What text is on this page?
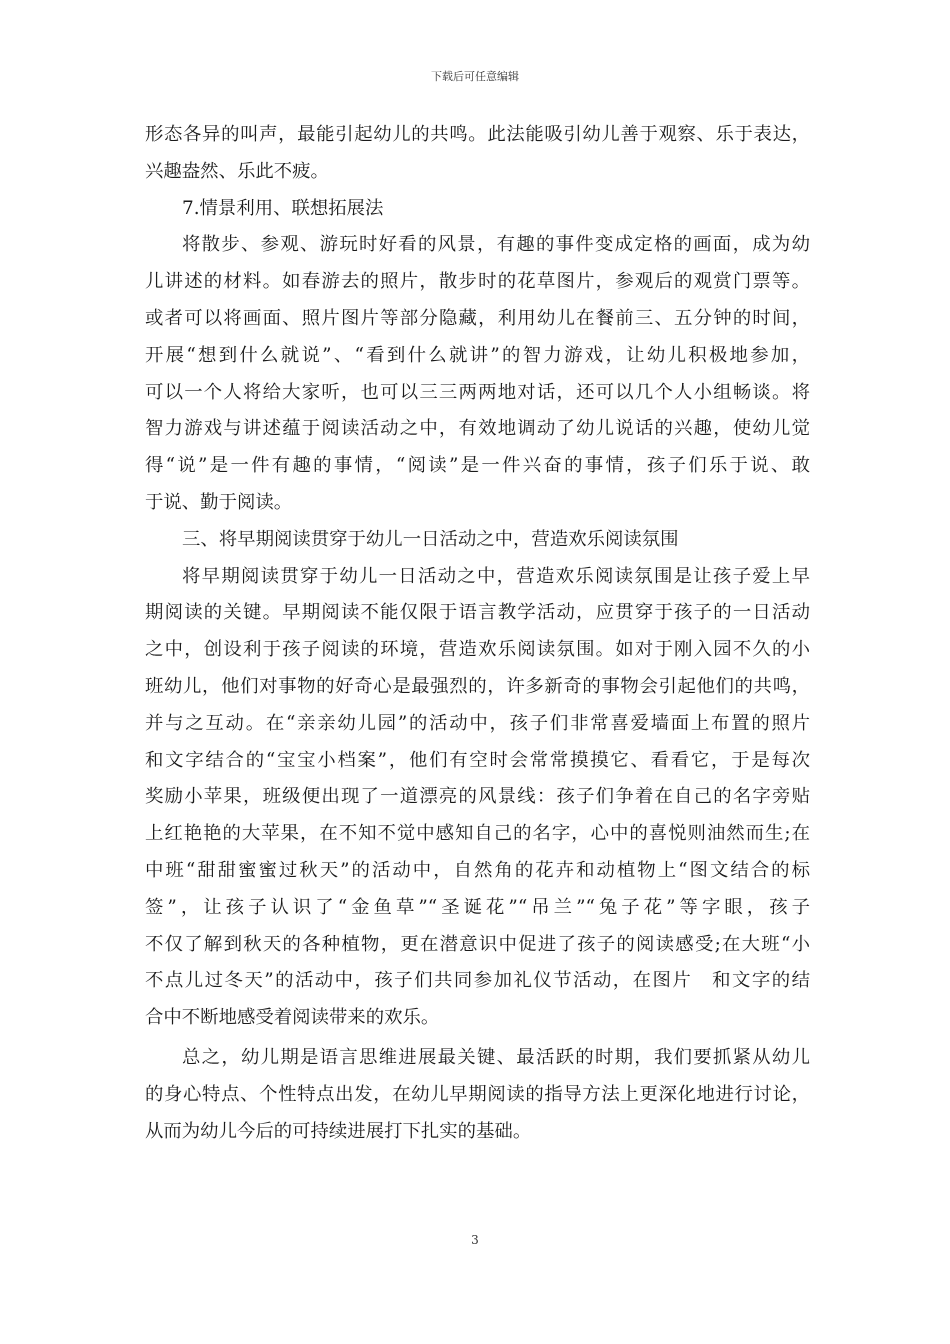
下载后可任意编辑
形态各异的叫声，最能引起幼儿的共鸣。此法能吸引幼儿善于观察、乐于表达，
兴趣盎然、乐此不疲。
7.情景利用、联想拓展法
将散步、参观、游玩时好看的风景，有趣的事件变成定格的画面，成为幼
儿讲述的材料。如春游去的照片，散步时的花草图片，参观后的观赏门票等。
或者可以将画面、照片图片等部分隐藏，利用幼儿在餐前三、五分钟的时间，
开展“想到什么就说”、“看到什么就讲”的智力游戏，让幼儿积极地参加，
可以一个人将给大家听，也可以三三两两地对话，还可以几个人小组畅谈。将
智力游戏与讲述蕴于阅读活动之中，有效地调动了幼儿说话的兴趣，使幼儿觉
得“说”是一件有趣的事情，“阅读”是一件兴奋的事情，孩子们乐于说、敢
于说、勤于阅读。
三、将早期阅读贯穿于幼儿一日活动之中，营造欢乐阅读氛围
将早期阅读贯穿于幼儿一日活动之中，营造欢乐阅读氛围是让孩子爱上早
期阅读的关键。早期阅读不能仅限于语言教学活动，应贯穿于孩子的一日活动
之中，创设利于孩子阅读的环境，营造欢乐阅读氛围。如对于刚入园不久的小
班幼儿，他们对事物的好奇心是最强烈的，许多新奇的事物会引起他们的共鸣，
并与之互动。在“亲亲幼儿园”的活动中，孩子们非常喜爱墙面上布置的照片
和文字结合的“宝宝小档案”，他们有空时会常常摸摸它、看看它，于是每次
奖励小苹果，班级便出现了一道漂亮的风景线：孩子们争着在自己的名字旁贴
上红艳艳的大苹果，在不知不觉中感知自己的名字，心中的喜悦则油然而生;在
中班“甜甜蜜蜜过秋天”的活动中，自然角的花卉和动植物上“图文结合的标
签”，让孩子认识了“金鱼草”“圣诞花”“吊兰”“兔子花”等字眼，孩子
不仅了解到秋天的各种植物，更在潜意识中促进了孩子的阅读感受;在大班“小
不点儿过冬天”的活动中，孩子们共同参加礼仪节活动，在图片　和文字的结
合中不断地感受着阅读带来的欢乐。
总之，幼儿期是语言思维进展最关键、最活跃的时期，我们要抓紧从幼儿
的身心特点、个性特点出发，在幼儿早期阅读的指导方法上更深化地进行讨论，
从而为幼儿今后的可持续进展打下扎实的基础。
3
